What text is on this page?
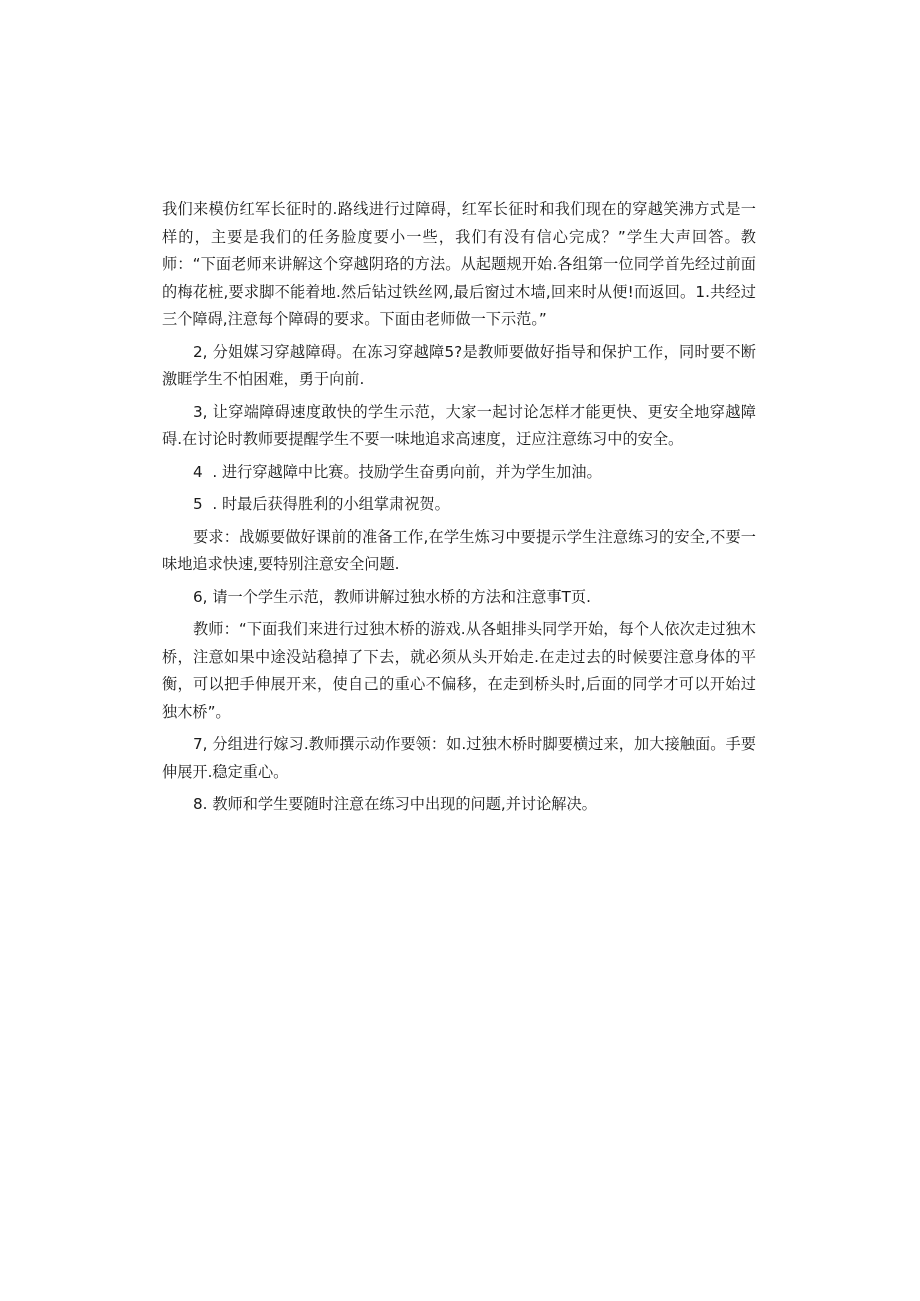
我们来模仿红军长征时的.路线进行过障碍，红军长征时和我们现在的穿越笑沸方式是一样的，主要是我们的任务脸度要小一些，我们有没有信心完成？”学生大声回答。教师：“下面老师来讲解这个穿越阴珞的方法。从起题规开始.各组第一位同学首先经过前面的梅花桩,要求脚不能着地.然后钻过铁丝网,最后窗过木墙,回来时从便!而返回。1.共经过三个障碍,注意每个障碍的要求。下面由老师做一下示范。”

2, 分姐媒习穿越障碍。在冻习穿越障5?是教师要做好指导和保护工作，同时要不断激睚学生不怕困难，勇于向前.

3, 让穿端障碍速度敢快的学生示范，大家一起讨论怎样才能更快、更安全地穿越障碍.在讨论时教师要提醒学生不要一味地追求高速度，迂应注意练习中的安全。

4  . 进行穿越障中比赛。技励学生奋勇向前，并为学生加油。

5  . 时最后获得胜利的小组掌肃祝贺。

要求：战嫄要做好课前的准备工作,在学生炼习中要提示学生注意练习的安全,不要一味地追求快速,要特别注意安全问题.

6, 请一个学生示范，教师讲解过独水桥的方法和注意事T页.

教师：“下面我们来进行过独木桥的游戏.从各蛆排头同学开始，每个人依次走过独木桥，注意如果中途没站稳掉了下去，就必须从头开始走.在走过去的时候要注意身体的平衡，可以把手伸展开来，使自己的重心不偏移，在走到桥头时,后面的同学才可以开始过独木桥”。

7, 分组进行嫁习.教师撰示动作要领：如.过独木桥时脚要横过来，加大接触面。手要伸展开.稳定重心。

8. 教师和学生要随时注意在练习中出现的问题,并讨论解决。
